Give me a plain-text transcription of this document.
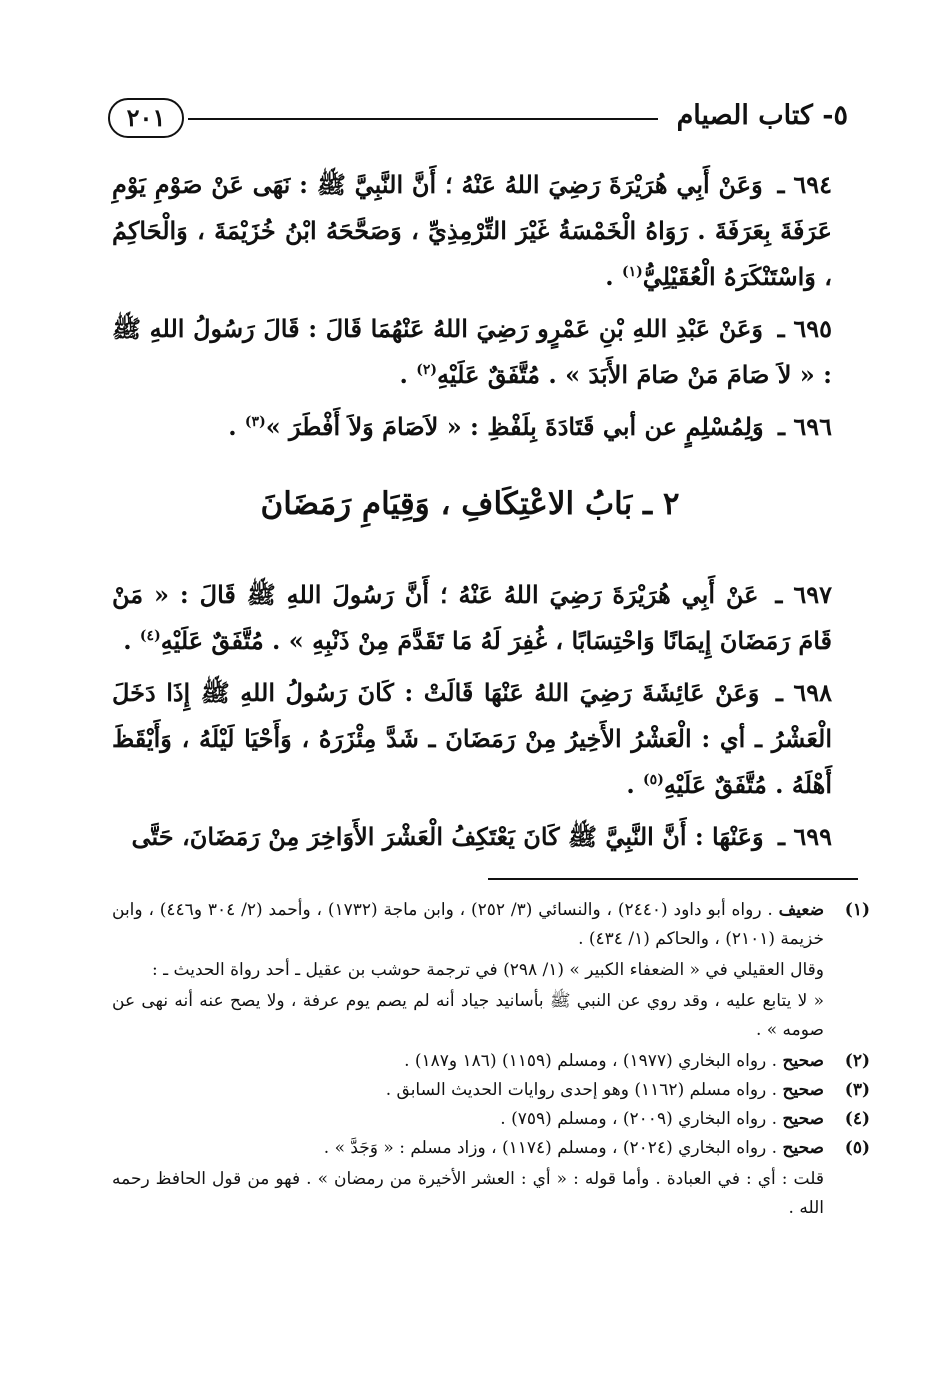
٥- كتاب الصيام
٢٠١

٦٩٤ ـ وَعَنْ أَبِي هُرَيْرَةَ رَضِيَ اللهُ عَنْهُ ؛ أَنَّ النَّبِيَّ ﷺ : نَهَى عَنْ صَوْمِ يَوْمِ عَرَفَةَ بِعَرَفَةَ . رَوَاهُ الْخَمْسَةُ غَيْرَ التِّرْمِذِيِّ ، وَصَحَّحَهُ ابْنُ خُزَيْمَةَ ، وَالْحَاكِمُ ، وَاسْتَنْكَرَهُ الْعُقَيْلِيُّ$^{(١)}$ .

٦٩٥ ـ وَعَنْ عَبْدِ اللهِ بْنِ عَمْرٍو رَضِيَ اللهُ عَنْهُمَا قَالَ : قَالَ رَسُولُ اللهِ ﷺ : « لاَ صَامَ مَنْ صَامَ الأَبَدَ » . مُتَّفَقٌ عَلَيْهِ$^{(٢)}$ .

٦٩٦ ـ وَلِمُسْلِمٍ عن أبي قَتَادَةَ بِلَفْظِ : « لاَصَامَ وَلاَ أَفْطَرَ »$^{(٣)}$ .

٢ ـ بَابُ الاعْتِكَافِ ، وَقِيَامِ رَمَضَانَ

٦٩٧ ـ عَنْ أَبِي هُرَيْرَةَ رَضِيَ اللهُ عَنْهُ ؛ أَنَّ رَسُولَ اللهِ ﷺ قَالَ : « مَنْ قَامَ رَمَضَانَ إِيمَانًا وَاحْتِسَابًا ، غُفِرَ لَهُ مَا تَقَدَّمَ مِنْ ذَنْبِهِ » . مُتَّفَقٌ عَلَيْهِ$^{(٤)}$ .

٦٩٨ ـ وَعَنْ عَائِشَةَ رَضِيَ اللهُ عَنْهَا قَالَتْ : كَانَ رَسُولُ اللهِ ﷺ إِذَا دَخَلَ الْعَشْرُ ـ أي : الْعَشْرُ الأَخِيرُ مِنْ رَمَضَانَ ـ شَدَّ مِئْزَرَهُ ، وَأَحْيَا لَيْلَهُ ، وَأَيْقَظَ أَهْلَهُ . مُتَّفَقٌ عَلَيْهِ$^{(٥)}$ .

٦٩٩ ـ وَعَنْهَا : أَنَّ النَّبِيَّ ﷺ كَانَ يَعْتَكِفُ الْعَشْرَ الأَوَاخِرَ مِنْ رَمَضَانَ، حَتَّى

(١)
ضعيف . رواه أبو داود (٢٤٤٠) ، والنسائي (٣/ ٢٥٢) ، وابن ماجة (١٧٣٢) ، وأحمد (٢/ ٣٠٤ و٤٤٦) ، وابن خزيمة (٢١٠١) ، والحاكم (١/ ٤٣٤) .
وقال العقيلي في « الضعفاء الكبير » (١/ ٢٩٨) في ترجمة حوشب بن عقيل ـ أحد رواة الحديث ـ :
« لا يتابع عليه ، وقد روي عن النبي ﷺ بأسانيد جياد أنه لم يصم يوم عرفة ، ولا يصح عنه أنه نهى عن صومه » .
(٢)
صحيح . رواه البخاري (١٩٧٧) ، ومسلم (١١٥٩) (١٨٦ و١٨٧) .
(٣)
صحيح . رواه مسلم (١١٦٢) وهو إحدى روايات الحديث السابق .
(٤)
صحيح . رواه البخاري (٢٠٠٩) ، ومسلم (٧٥٩) .
(٥)
صحيح . رواه البخاري (٢٠٢٤) ، ومسلم (١١٧٤) ، وزاد مسلم : « وَجَدَّ » .
قلت : أي : في العبادة . وأما قوله : « أي : العشر الأخيرة من رمضان » . فهو من قول الحافظ رحمه الله .
